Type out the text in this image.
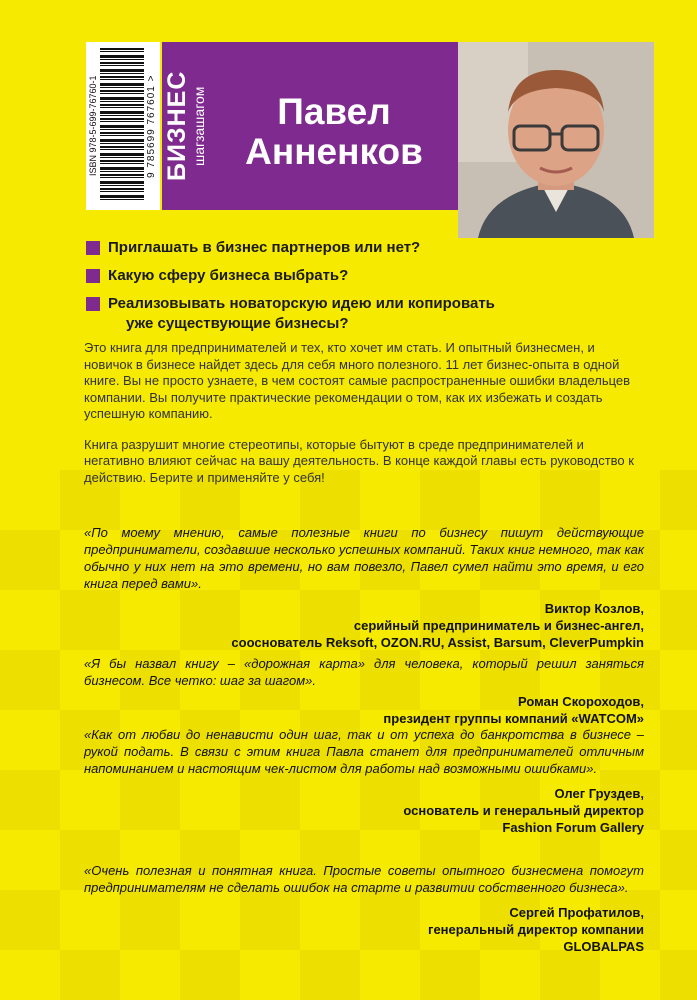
ISBN 978-5-699-76760-1	9 785699 767601 > БИЗНЕС шагзашагом	Павел
Анненков
Приглашать в бизнес партнеров или нет?
Какую сферу бизнеса выбрать?
Реализовывать новаторскую идею или копировать
уже существующие бизнесы?

Это книга для предпринимателей и тех, кто хочет им стать. И опытный бизнесмен, и новичок в бизнесе найдет здесь для себя много полезного. 11 лет бизнес-опыта в одной книге. Вы не просто узнаете, в чем состоят самые распространенные ошибки владельцев компании. Вы получите практические рекомендации о том, как их избежать и создать успешную компанию.

Книга разрушит многие стереотипы, которые бытуют в среде предпринимателей и негативно влияют сейчас на вашу деятельность. В конце каждой главы есть руководство к действию. Берите и применяйте у себя!

«По моему мнению, самые полезные книги по бизнесу пишут действующие предприниматели, создавшие несколько успешных компаний. Таких книг немного, так как обычно у них нет на это времени, но вам повезло, Павел сумел найти это время, и его книга перед вами».
Виктор Козлов,
серийный предприниматель и бизнес-ангел,
сооснователь Reksoft, OZON.RU, Assist, Barsum, CleverPumpkin
«Я бы назвал книгу – «дорожная карта» для человека, который решил заняться бизнесом. Все четко: шаг за шагом».
Роман Скороходов,
президент группы компаний «WATCOM»
«Как от любви до ненависти один шаг, так и от успеха до банкротства в бизнесе – рукой подать. В связи с этим книга Павла станет для предпринимателей отличным напоминанием и настоящим чек-листом для работы над возможными ошибками».
Олег Груздев,
основатель и генеральный директор
Fashion Forum Gallery
«Очень полезная и понятная книга. Простые советы опытного бизнесмена помогут предпринимателям не сделать ошибок на старте и развитии собственного бизнеса».
Сергей Профатилов,
генеральный директор компании
GLOBALPAS
